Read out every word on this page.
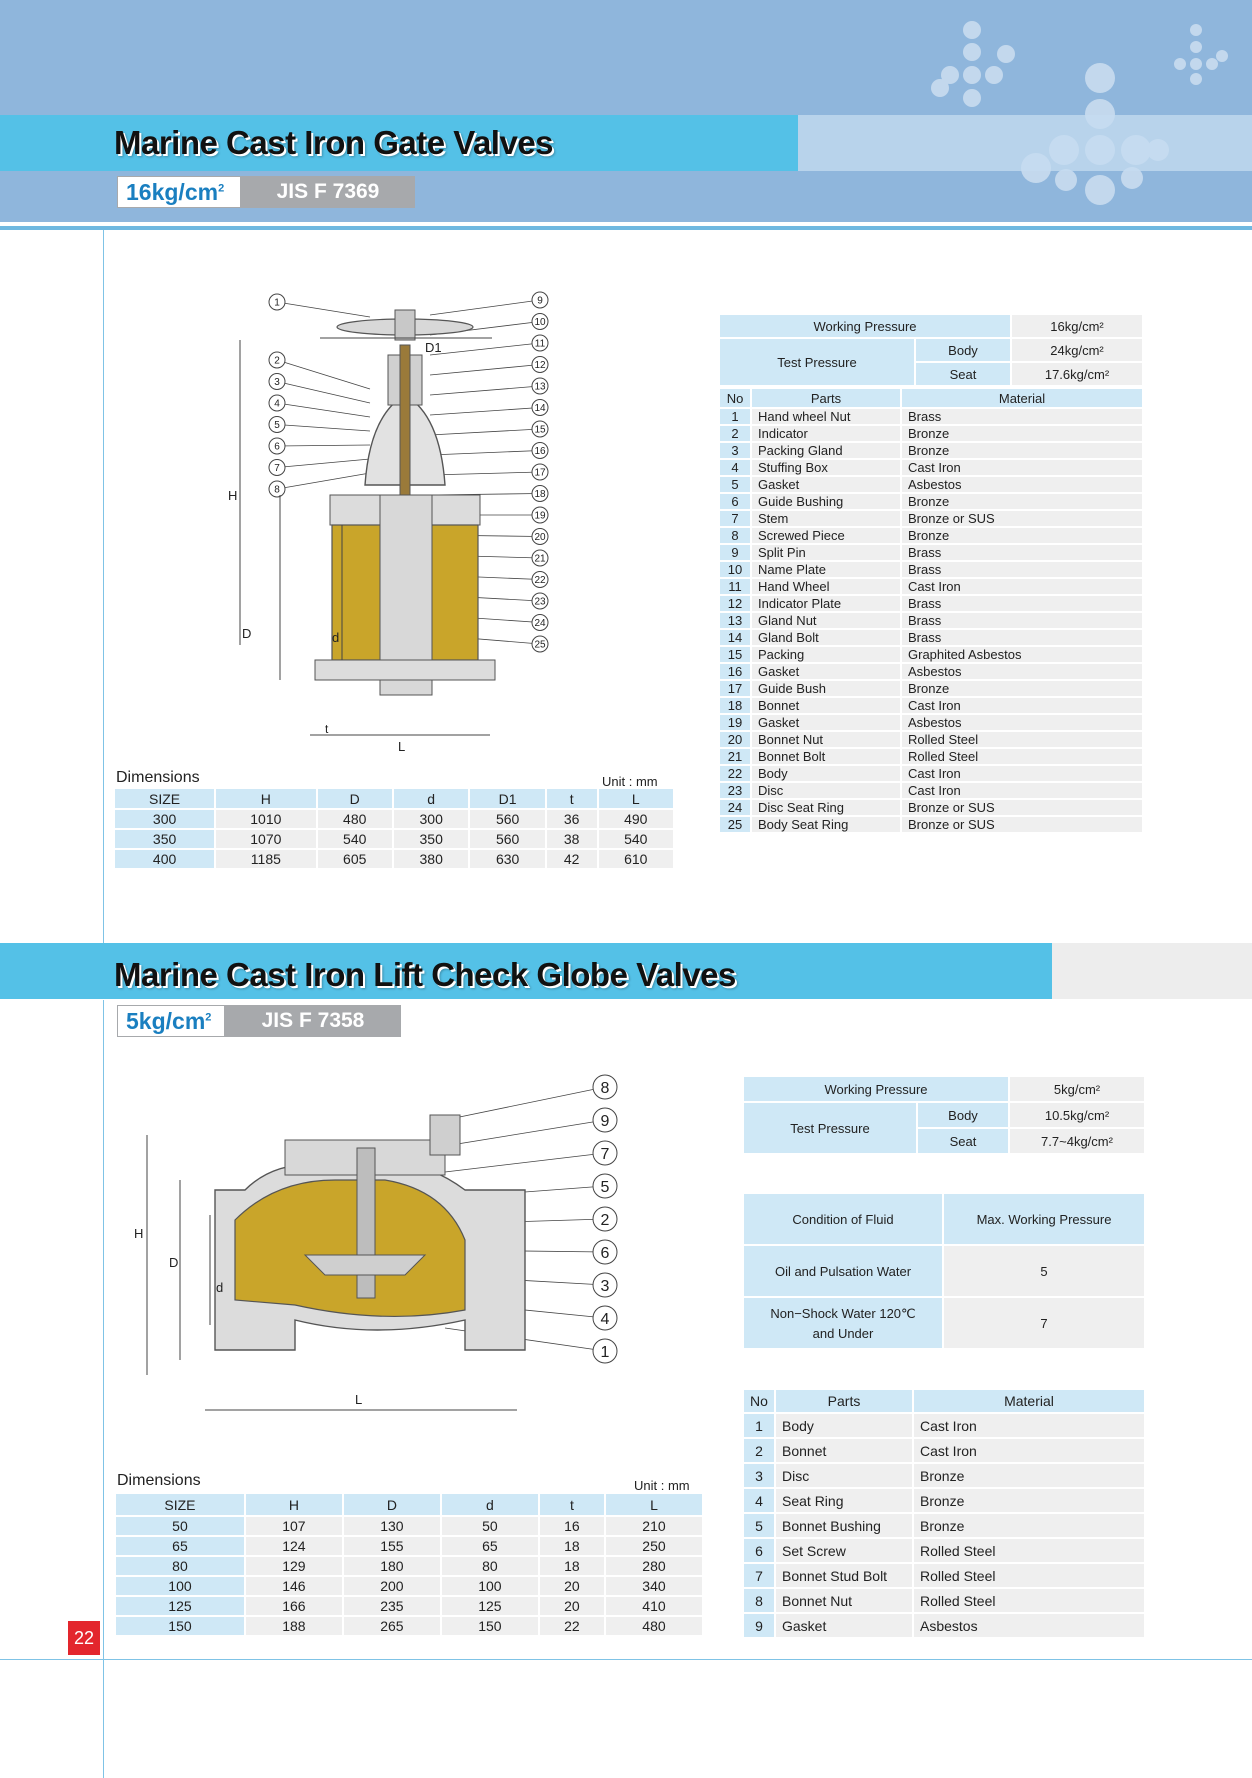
Marine Cast Iron Gate Valves
$16kg/cm^2$	JIS F 7369
1
2
3
4
5
6
7
8
9
10
11
12
13
14
15
16
17
18
19
20
21
22
23
24
25
D1
H
D	d
L
t
Working Pressure		16kg/cm²
Test Pressure	Body	24kg/cm²
	Seat	17.6kg/cm²
No	Parts	Material
1	Hand wheel Nut	Brass
2	Indicator	Bronze
3	Packing Gland	Bronze
4	Stuffing Box	Cast Iron
5	Gasket	Asbestos
6	Guide Bushing	Bronze
7	Stem	Bronze or SUS
8	Screwed Piece	Bronze
9	Split Pin	Brass
10	Name Plate	Brass
11	Hand Wheel	Cast Iron
12	Indicator Plate	Brass
13	Gland Nut	Brass
14	Gland Bolt	Brass
15	Packing	Graphited Asbestos
16	Gasket	Asbestos
17	Guide Bush	Bronze
18	Bonnet	Cast Iron
19	Gasket	Asbestos
20	Bonnet Nut	Rolled Steel
21	Bonnet Bolt	Rolled Steel
22	Body	Cast Iron
23	Disc	Cast Iron
24	Disc Seat Ring	Bronze or SUS
25	Body Seat Ring	Bronze or SUS
Dimensions	Unit : mm
SIZE	H	D	d	D1	t	L
300	1010	480	300	560	36	490
350	1070	540	350	560	38	540
400	1185	605	380	630	42	610
Marine Cast Iron Lift Check Globe Valves
$5kg/cm^2$	JIS F 7358
8
9
7
5
2
6
3
4
1
H
D
d
L
Working Pressure		5kg/cm²
Test Pressure	Body	10.5kg/cm²
	Seat	7.7~4kg/cm²
Condition of Fluid	Max. Working Pressure
Oil and Pulsation Water	5

Non−Shock Water 120℃
and Under	7
No	Parts	Material
1	Body	Cast Iron
2	Bonnet	Cast Iron
3	Disc	Bronze
4	Seat Ring	Bronze
5	Bonnet Bushing	Bronze
6	Set Screw	Rolled Steel
7	Bonnet Stud Bolt	Rolled Steel
8	Bonnet Nut	Rolled Steel
9	Gasket	Asbestos
Dimensions	Unit : mm
SIZE	H	D	d	t	L
50	107	130	50	16	210
65	124	155	65	18	250
80	129	180	80	18	280
100	146	200	100	20	340
125	166	235	125	20	410
150	188	265	150	22	480
22
